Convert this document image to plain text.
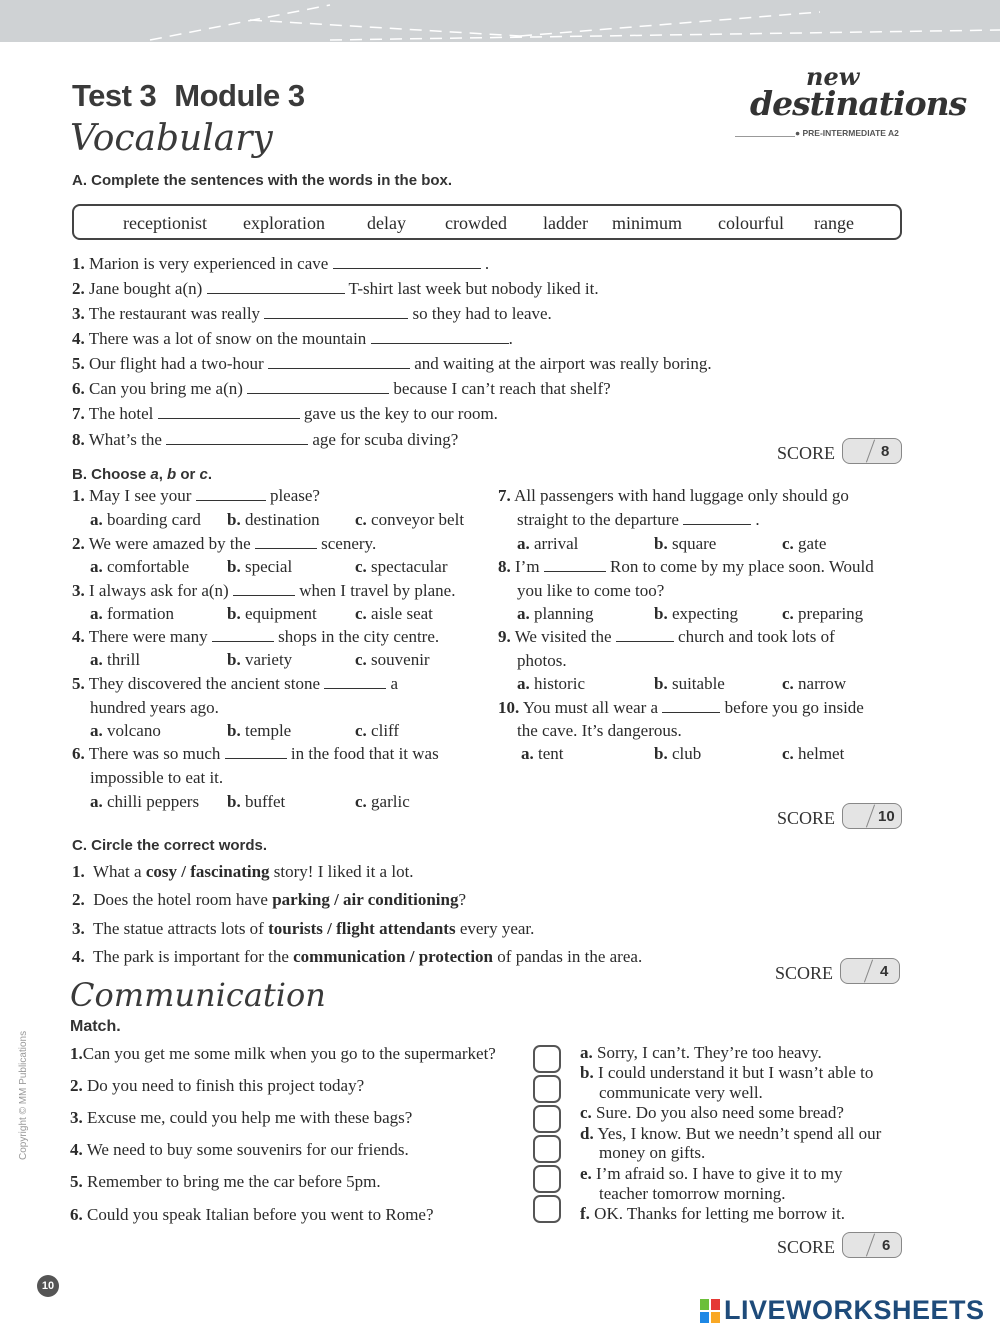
Test 3 Module 3
new
destinations
● PRE-INTERMEDIATE A2
Vocabulary
A. Complete the sentences with the words in the box.
receptionist exploration delay crowded ladder minimum colourful range
1. Marion is very experienced in cave	.
2. Jane bought a(n)	T-shirt last week but nobody liked it.
3. The restaurant was really	so they had to leave.
4. There was a lot of snow on the mountain	.
5. Our flight had a two-hour	and waiting at the airport was really boring.
6. Can you bring me a(n)	because I can’t reach that shelf?
7. The hotel	gave us the key to our room.
8. What’s the	age for scuba diving?
SCORE	8
B. Choose a, b or c.
1. May I see your	please?
a. boarding card b. destination c. conveyor belt
2. We were amazed by the	scenery.
a. comfortable b. special	c. spectacular
3. I always ask for a(n)	when I travel by plane.
a. formation	b. equipment c. aisle seat
4. There were many	shops in the city centre.
a. thrill	b. variety	c. souvenir
5. They discovered the ancient stone	a
hundred years ago.
a. volcano	b. temple	c. cliff
6. There was so much	in the food that it was
impossible to eat it.
a. chilli peppers b. buffet	c. garlic
7. All passengers with hand luggage only should go
straight to the departure	.
a. arrival	b. square	c. gate
8. I’m	Ron to come by my place soon. Would
you like to come too?
a. planning	b. expecting	c. preparing
9. We visited the	church and took lots of
photos.
a. historic	b. suitable	c. narrow
10. You must all wear a	before you go inside
the cave. It’s dangerous.
a. tent	b. club	c. helmet
SCORE	10
C. Circle the correct words.
1. What a cosy / fascinating story! I liked it a lot.
2. Does the hotel room have parking / air conditioning?
3. The statue attracts lots of tourists / flight attendants every year.
4. The park is important for the communication / protection of pandas in the area.
SCORE	4
Communication
Match.
1.Can you get me some milk when you go to the supermarket?
2. Do you need to finish this project today?
3. Excuse me, could you help me with these bags?
4. We need to buy some souvenirs for our friends.
5. Remember to bring me the car before 5pm.
6. Could you speak Italian before you went to Rome?
a. Sorry, I can’t. They’re too heavy.
b. I could understand it but I wasn’t able to
communicate very well.
c. Sure. Do you also need some bread?
d. Yes, I know. But we needn’t spend all our
money on gifts.
e. I’m afraid so. I have to give it to my
teacher tomorrow morning.
f. OK. Thanks for letting me borrow it.
SCORE	6
Copyright © MM Publications
10
LIVEWORKSHEETS
